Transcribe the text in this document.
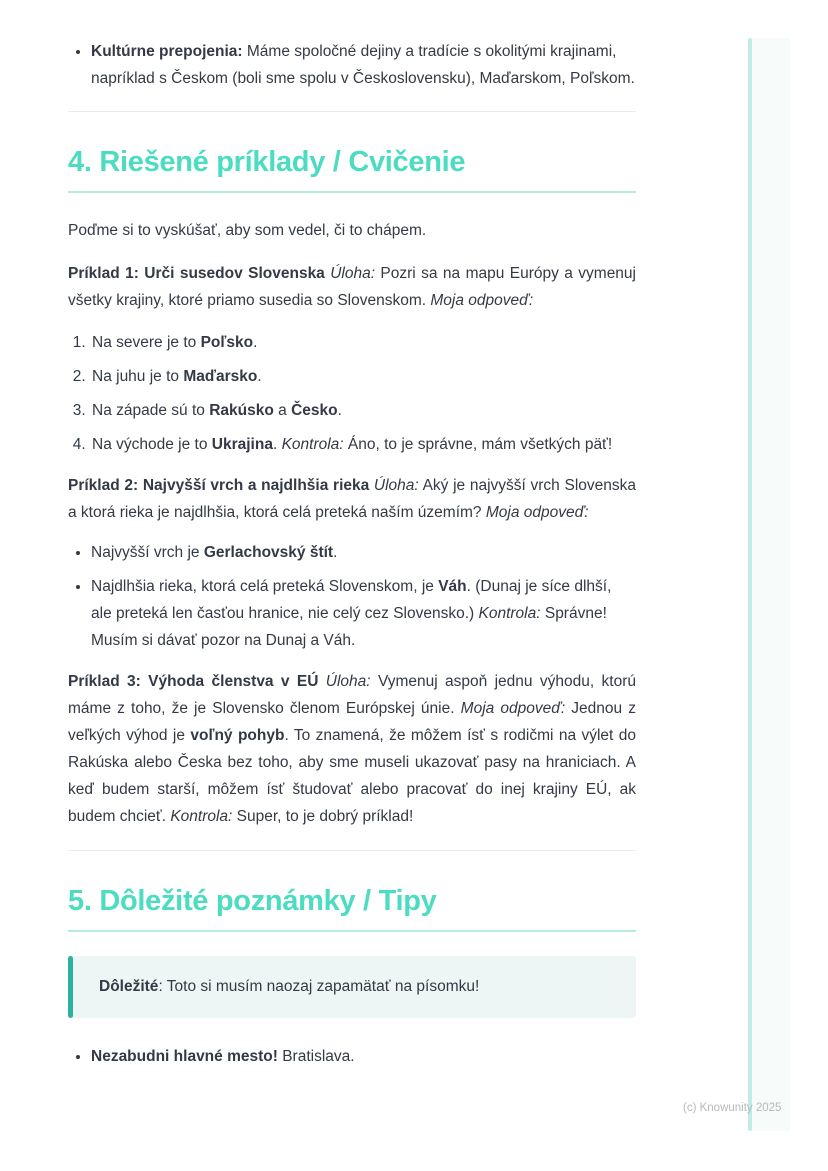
• Kultúrne prepojenia: Máme spoločné dejiny a tradície s okolitými krajinami, napríklad s Českom (boli sme spolu v Československu), Maďarskom, Poľskom.

4. Riešené príklady / Cvičenie

Poďme si to vyskúšať, aby som vedel, či to chápem.

Príklad 1: Urči susedov Slovenska Úloha: Pozri sa na mapu Európy a vymenuj všetky krajiny, ktoré priamo susedia so Slovenskom. Moja odpoveď:

1. Na severe je to Poľsko.

2. Na juhu je to Maďarsko.

3. Na západe sú to Rakúsko a Česko.

4. Na východe je to Ukrajina. Kontrola: Áno, to je správne, mám všetkých päť!

Príklad 2: Najvyšší vrch a najdlhšia rieka Úloha: Aký je najvyšší vrch Slovenska a ktorá rieka je najdlhšia, ktorá celá preteká naším územím? Moja odpoveď:

• Najvyšší vrch je Gerlachovský štít.

• Najdlhšia rieka, ktorá celá preteká Slovenskom, je Váh. (Dunaj je síce dlhší, ale preteká len časťou hranice, nie celý cez Slovensko.) Kontrola: Správne! Musím si dávať pozor na Dunaj a Váh.

Príklad 3: Výhoda členstva v EÚ Úloha: Vymenuj aspoň jednu výhodu, ktorú máme z toho, že je Slovensko členom Európskej únie. Moja odpoveď: Jednou z veľkých výhod je voľný pohyb. To znamená, že môžem ísť s rodičmi na výlet do Rakúska alebo Česka bez toho, aby sme museli ukazovať pasy na hraniciach. A keď budem starší, môžem ísť študovať alebo pracovať do inej krajiny EÚ, ak budem chcieť. Kontrola: Super, to je dobrý príklad!

5. Dôležité poznámky / Tipy

Dôležité: Toto si musím naozaj zapamätať na písomku!

• Nezabudni hlavné mesto! Bratislava.

(c) Knowunity 2025
